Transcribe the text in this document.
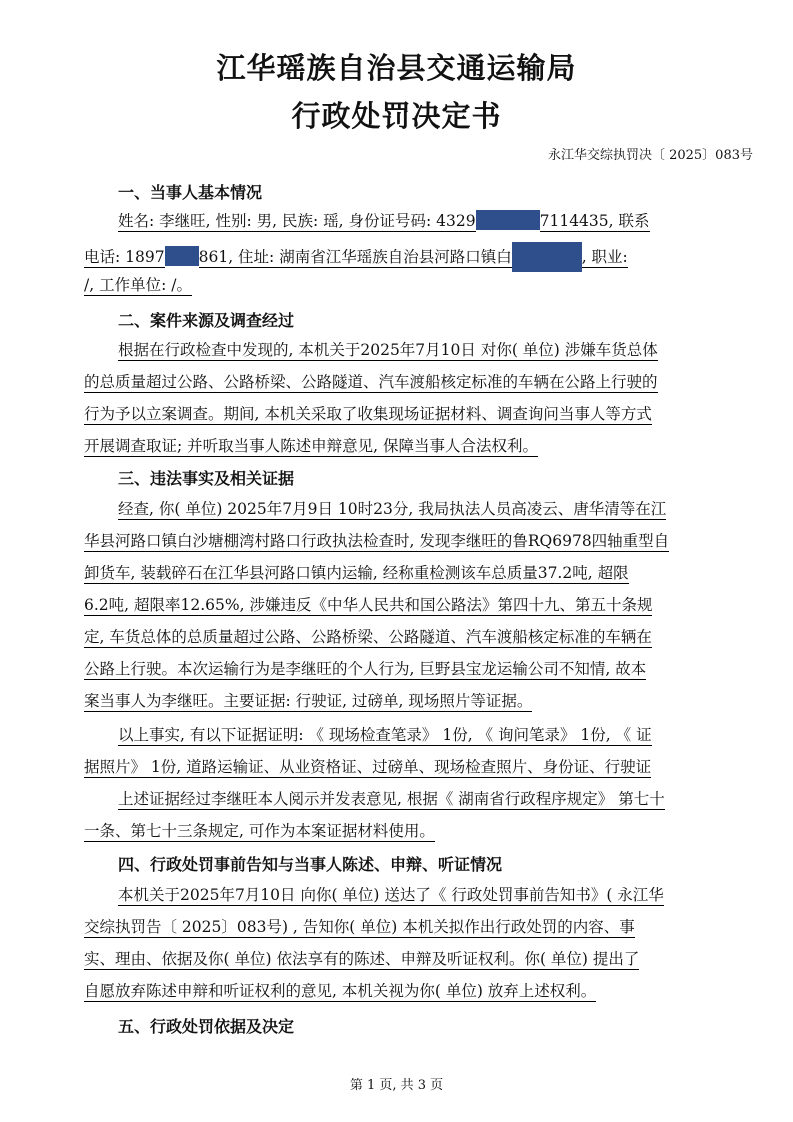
江华瑶族自治县交通运输局
行政处罚决定书
永江华交综执罚决〔 2025〕083号
一、当事人基本情况
姓名: 李继旺, 性别: 男, 民族: 瑶, 身份证号码: 4329	7114435, 联系
电话: 1897 861, 住址: 湖南省江华瑶族自治县河路口镇白	, 职业:
/, 工作单位: /。
二、案件来源及调查经过
根据在行政检查中发现的, 本机关于2025年7月10日 对你( 单位) 涉嫌车货总体
的总质量超过公路、公路桥梁、公路隧道、汽车渡船核定标准的车辆在公路上行驶的
行为予以立案调查。期间, 本机关采取了收集现场证据材料、调查询问当事人等方式
开展调查取证; 并听取当事人陈述申辩意见, 保障当事人合法权利。
三、违法事实及相关证据
经查, 你( 单位) 2025年7月9日 10时23分, 我局执法人员高凌云、唐华清等在江
华县河路口镇白沙塘棚湾村路口行政执法检查时, 发现李继旺的鲁RQ6978四轴重型自
卸货车, 装载碎石在江华县河路口镇内运输, 经称重检测该车总质量37.2吨, 超限
6.2吨, 超限率12.65%, 涉嫌违反《中华人民共和国公路法》第四十九、第五十条规
定, 车货总体的总质量超过公路、公路桥梁、公路隧道、汽车渡船核定标准的车辆在
公路上行驶。本次运输行为是李继旺的个人行为, 巨野县宝龙运输公司不知情, 故本
案当事人为李继旺。主要证据: 行驶证, 过磅单, 现场照片等证据。
以上事实, 有以下证据证明: 《 现场检查笔录》 1份, 《 询问笔录》 1份, 《 证
据照片》 1份, 道路运输证、从业资格证、过磅单、现场检查照片、身份证、行驶证
上述证据经过李继旺本人阅示并发表意见, 根据《 湖南省行政程序规定》 第七十
一条、第七十三条规定, 可作为本案证据材料使用。
四、行政处罚事前告知与当事人陈述、申辩、听证情况
本机关于2025年7月10日 向你( 单位) 送达了《 行政处罚事前告知书》( 永江华
交综执罚告〔 2025〕083号) , 告知你( 单位) 本机关拟作出行政处罚的内容、事
实、理由、依据及你( 单位) 依法享有的陈述、申辩及听证权利。你( 单位) 提出了
自愿放弃陈述申辩和听证权利的意见, 本机关视为你( 单位) 放弃上述权利。
五、行政处罚依据及决定
第 1 页, 共 3 页
